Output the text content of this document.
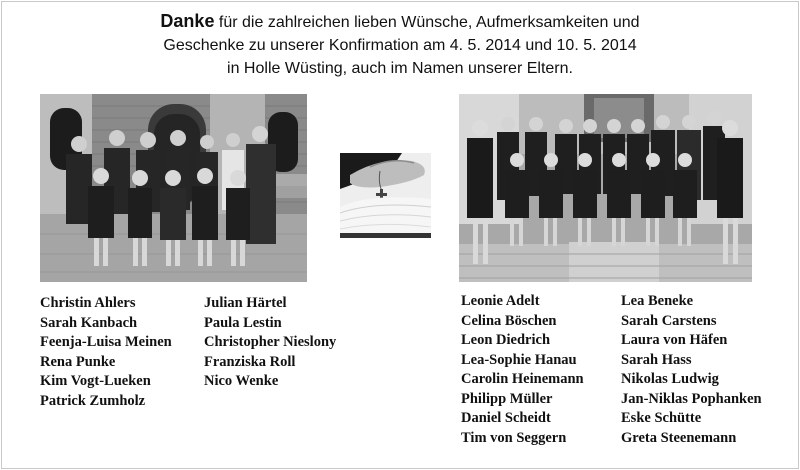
Danke für die zahlreichen lieben Wünsche, Aufmerksamkeiten und
Geschenke zu unserer Konfirmation am 4. 5. 2014 und 10. 5. 2014
in Holle Wüsting, auch im Namen unserer Eltern.
Christin Ahlers
Sarah Kanbach
Feenja-Luisa Meinen
Rena Punke
Kim Vogt-Lueken
Patrick Zumholz
Julian Härtel
Paula Lestin
Christopher Nieslony
Franziska Roll
Nico Wenke
Leonie Adelt
Celina Böschen
Leon Diedrich
Lea-Sophie Hanau
Carolin Heinemann
Philipp Müller
Daniel Scheidt
Tim von Seggern
Lea Beneke
Sarah Carstens
Laura von Häfen
Sarah Hass
Nikolas Ludwig
Jan-Niklas Pophanken
Eske Schütte
Greta Steenemann
